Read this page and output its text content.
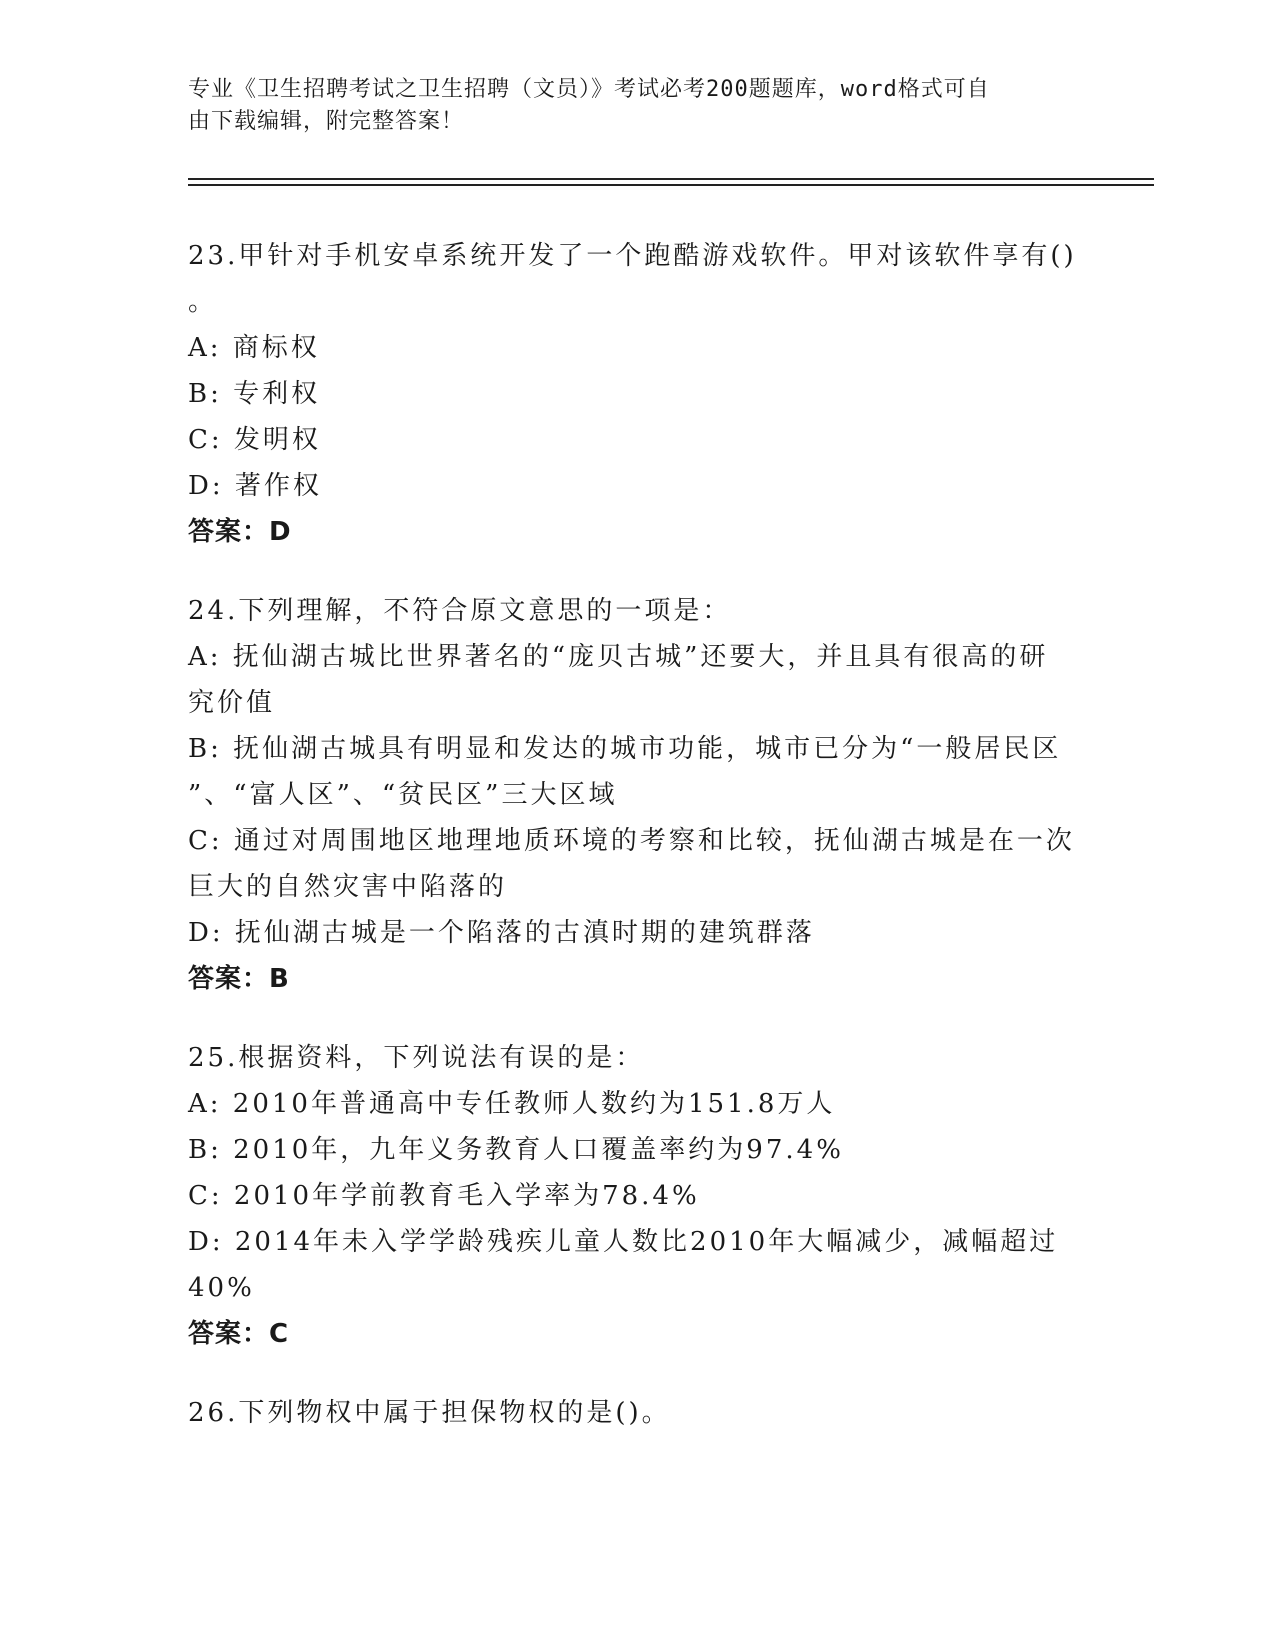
专业《卫生招聘考试之卫生招聘（文员）》考试必考200题题库，word格式可自
由下载编辑，附完整答案！
23.甲针对手机安卓系统开发了一个跑酷游戏软件。甲对该软件享有()
。
A: 商标权
B: 专利权
C: 发明权
D: 著作权
答案：D
24.下列理解，不符合原文意思的一项是：
A: 抚仙湖古城比世界著名的“庞贝古城”还要大，并且具有很高的研
究价值
B: 抚仙湖古城具有明显和发达的城市功能，城市已分为“一般居民区
”、“富人区”、“贫民区”三大区域
C: 通过对周围地区地理地质环境的考察和比较，抚仙湖古城是在一次
巨大的自然灾害中陷落的
D: 抚仙湖古城是一个陷落的古滇时期的建筑群落
答案：B
25.根据资料，下列说法有误的是：
A: 2010年普通高中专任教师人数约为151.8万人
B: 2010年，九年义务教育人口覆盖率约为97.4%
C: 2010年学前教育毛入学率为78.4%
D: 2014年未入学学龄残疾儿童人数比2010年大幅减少，减幅超过
40%
答案：C
26.下列物权中属于担保物权的是()。
